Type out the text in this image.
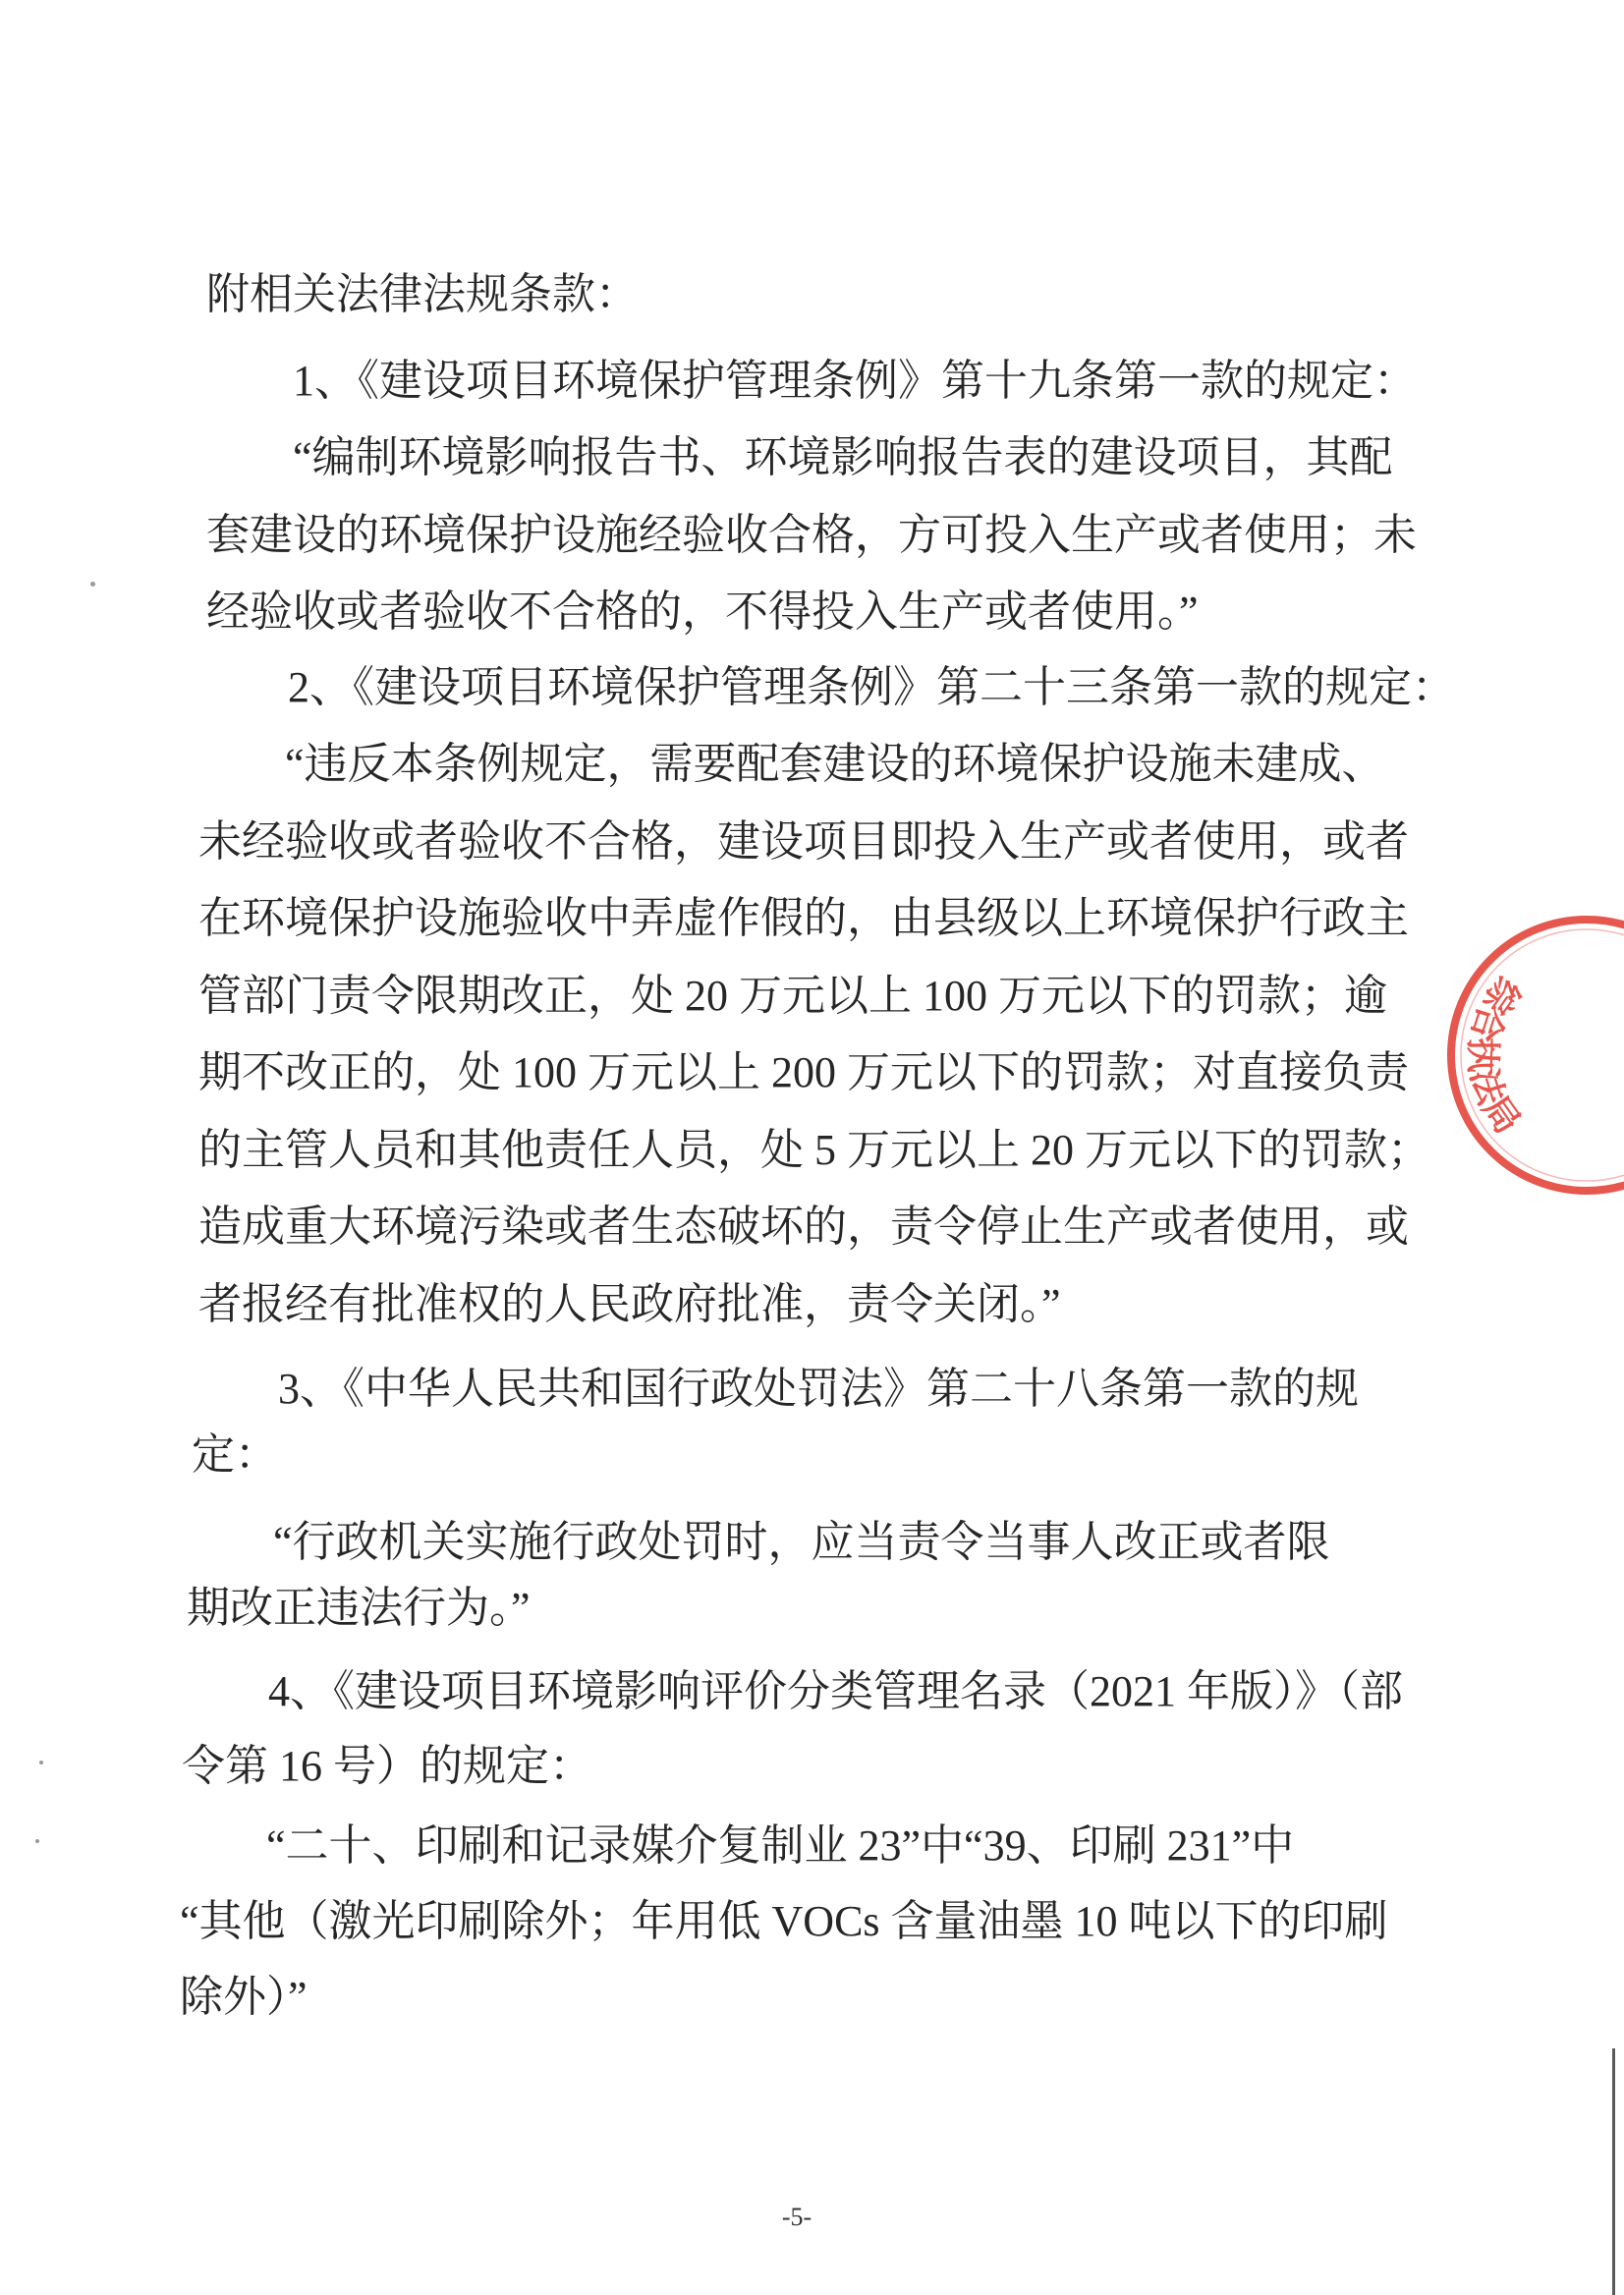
附相关法律法规条款：
1、《建设项目环境保护管理条例》第十九条第一款的规定：
“编制环境影响报告书、环境影响报告表的建设项目，其配
套建设的环境保护设施经验收合格，方可投入生产或者使用；未
经验收或者验收不合格的，不得投入生产或者使用。”
2、《建设项目环境保护管理条例》第二十三条第一款的规定：
“违反本条例规定，需要配套建设的环境保护设施未建成、
未经验收或者验收不合格，建设项目即投入生产或者使用，或者
在环境保护设施验收中弄虚作假的，由县级以上环境保护行政主
管部门责令限期改正，处 20 万元以上 100 万元以下的罚款；逾
期不改正的，处 100 万元以上 200 万元以下的罚款；对直接负责
的主管人员和其他责任人员，处 5 万元以上 20 万元以下的罚款；
造成重大环境污染或者生态破坏的，责令停止生产或者使用，或
者报经有批准权的人民政府批准，责令关闭。”
3、《中华人民共和国行政处罚法》第二十八条第一款的规
定：
“行政机关实施行政处罚时，应当责令当事人改正或者限
期改正违法行为。”
4、《建设项目环境影响评价分类管理名录（2021 年版）》（部
令第 16 号）的规定：
“二十、印刷和记录媒介复制业 23”中“39、印刷 231”中
“其他（激光印刷除外；年用低 VOCs 含量油墨 10 吨以下的印刷
除外）”
综合执法局
-5-
